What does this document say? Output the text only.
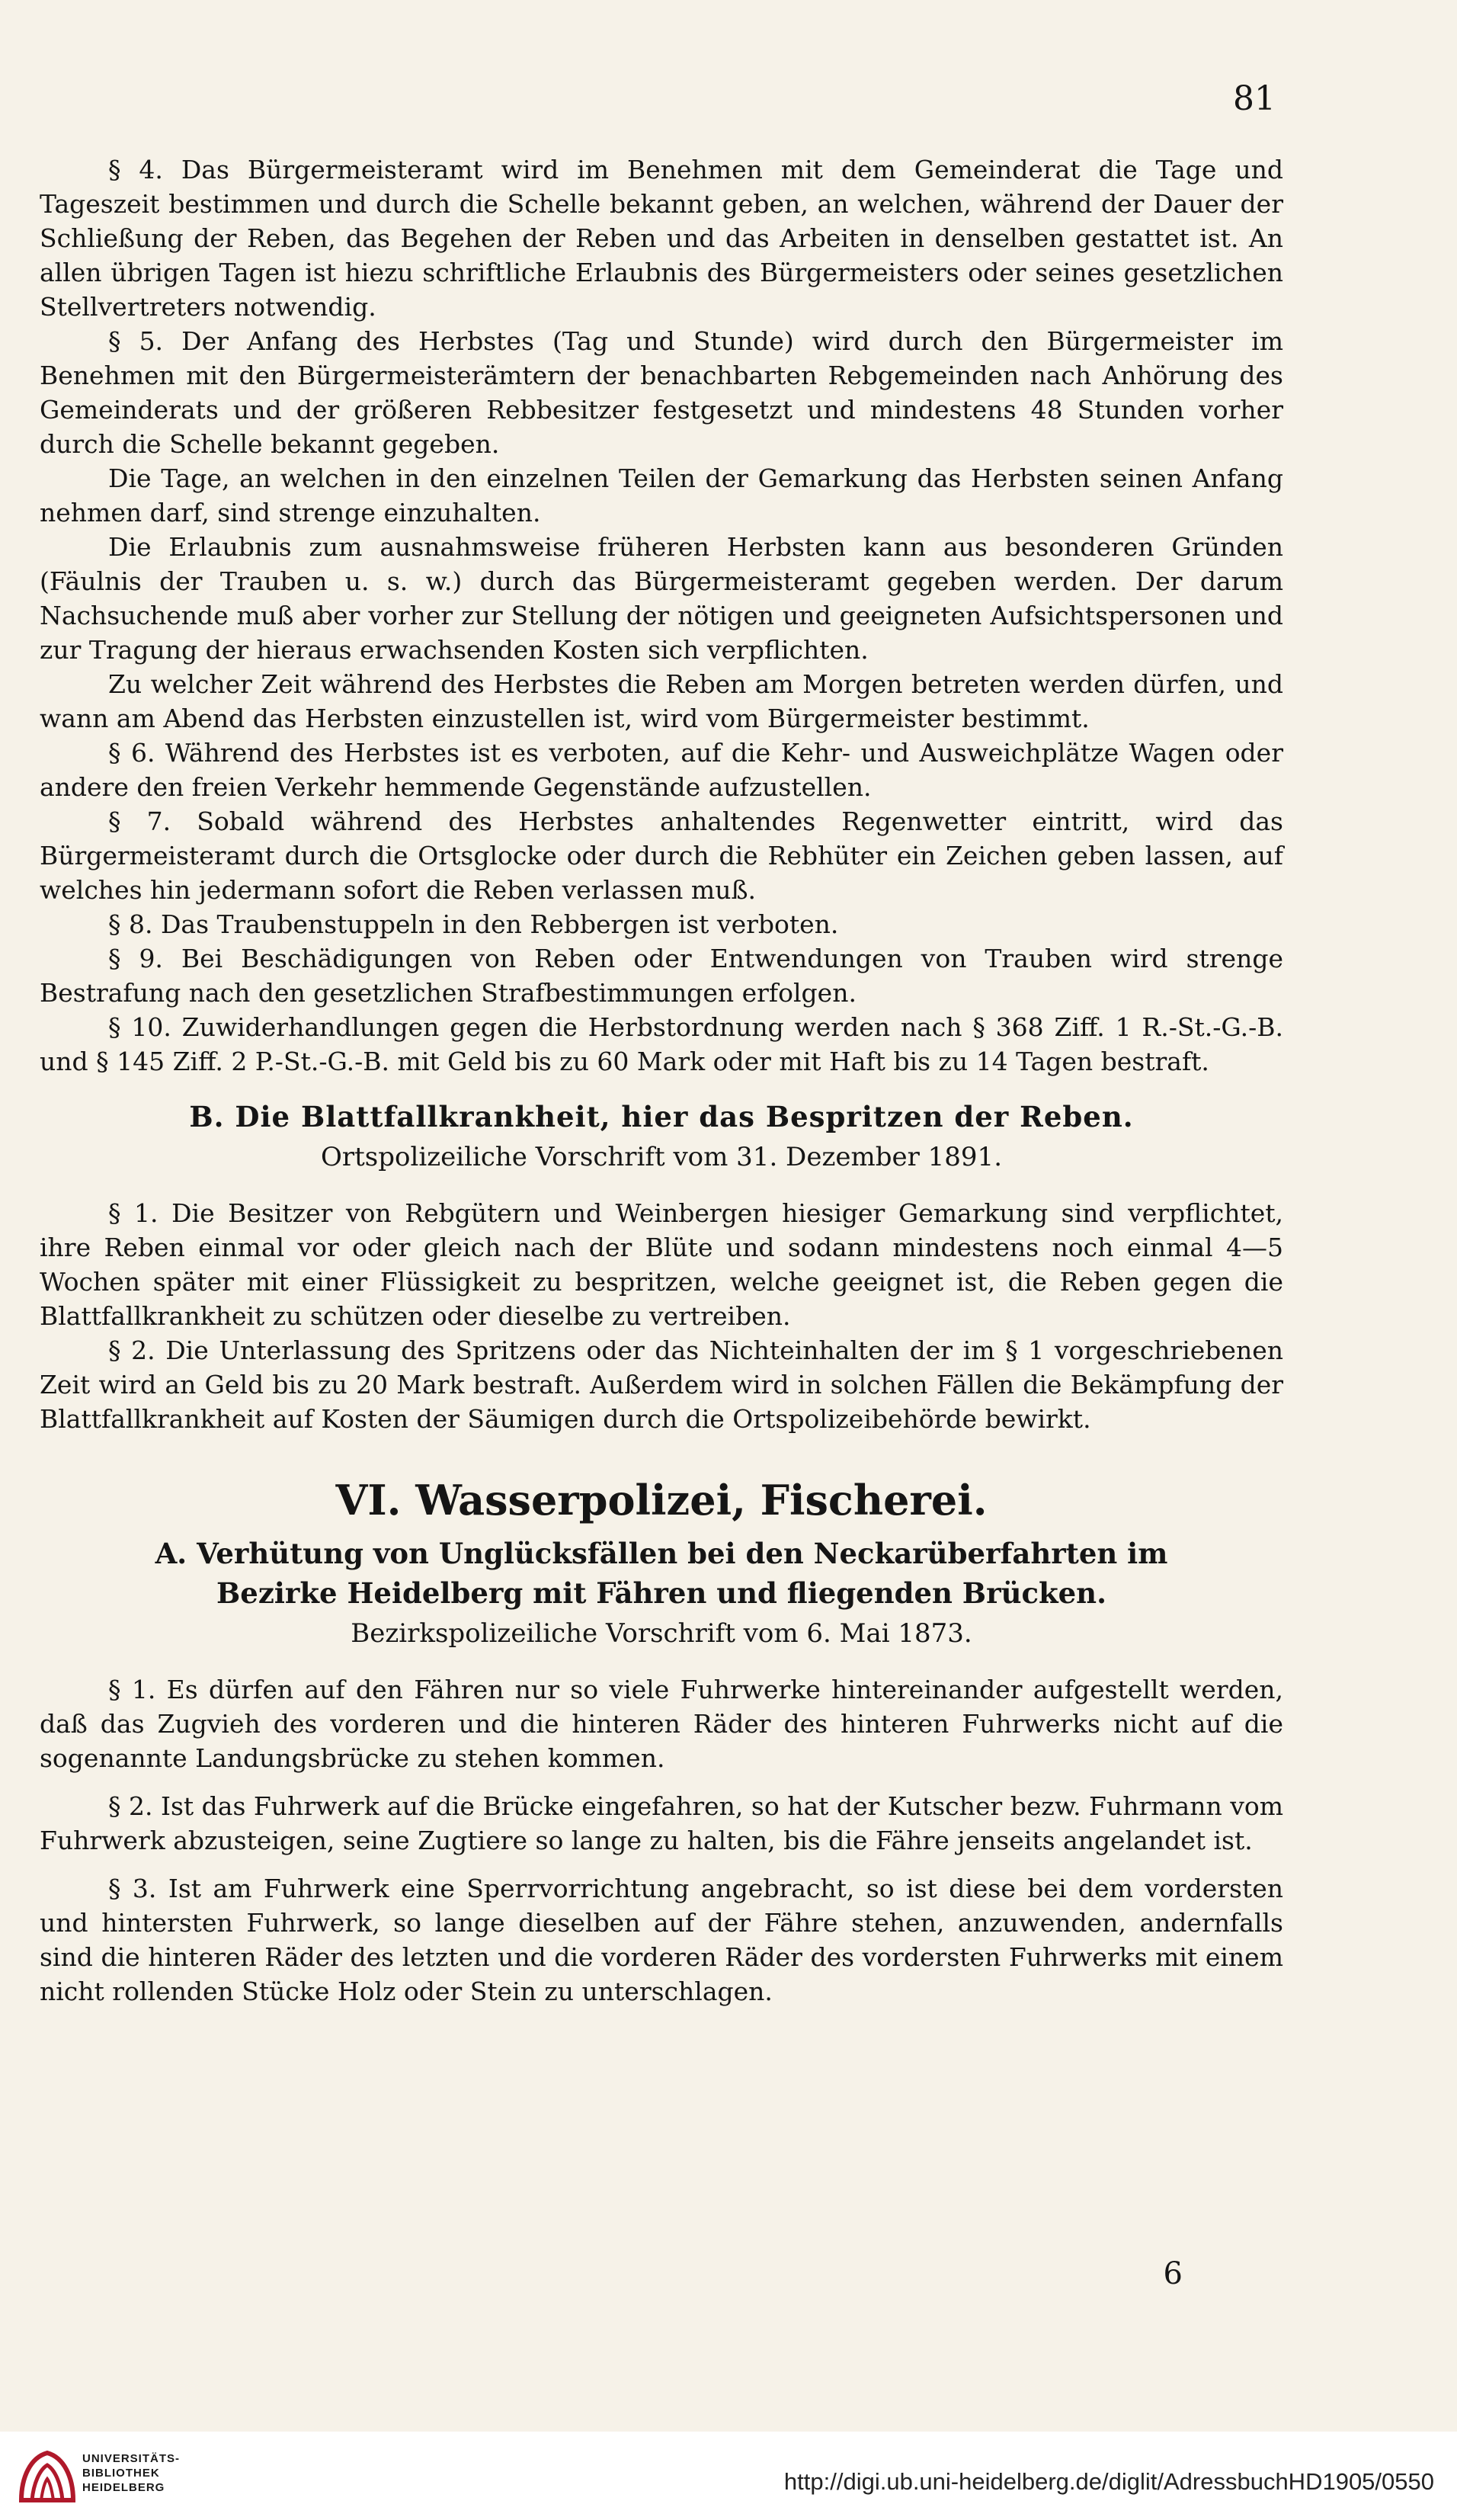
81

§ 4. Das Bürgermeisteramt wird im Benehmen mit dem Gemeinderat die Tage und Tageszeit bestimmen und durch die Schelle bekannt geben, an welchen, während der Dauer der Schließung der Reben, das Begehen der Reben und das Arbeiten in denselben gestattet ist. An allen übrigen Tagen ist hiezu schriftliche Erlaubnis des Bürgermeisters oder seines gesetzlichen Stellvertreters notwendig.

§ 5. Der Anfang des Herbstes (Tag und Stunde) wird durch den Bürgermeister im Benehmen mit den Bürgermeisterämtern der benachbarten Rebgemeinden nach Anhörung des Gemeinderats und der größeren Rebbesitzer festgesetzt und mindestens 48 Stunden vorher durch die Schelle bekannt gegeben.

Die Tage, an welchen in den einzelnen Teilen der Gemarkung das Herbsten seinen Anfang nehmen darf, sind strenge einzuhalten.

Die Erlaubnis zum ausnahmsweise früheren Herbsten kann aus besonderen Gründen (Fäulnis der Trauben u. s. w.) durch das Bürgermeisteramt gegeben werden. Der darum Nachsuchende muß aber vorher zur Stellung der nötigen und geeigneten Aufsichtspersonen und zur Tragung der hieraus erwachsenden Kosten sich verpflichten.

Zu welcher Zeit während des Herbstes die Reben am Morgen betreten werden dürfen, und wann am Abend das Herbsten einzustellen ist, wird vom Bürgermeister bestimmt.

§ 6. Während des Herbstes ist es verboten, auf die Kehr- und Ausweichplätze Wagen oder andere den freien Verkehr hemmende Gegenstände aufzustellen.

§ 7. Sobald während des Herbstes anhaltendes Regenwetter eintritt, wird das Bürgermeisteramt durch die Ortsglocke oder durch die Rebhüter ein Zeichen geben lassen, auf welches hin jedermann sofort die Reben verlassen muß.

§ 8. Das Traubenstuppeln in den Rebbergen ist verboten.

§ 9. Bei Beschädigungen von Reben oder Entwendungen von Trauben wird strenge Bestrafung nach den gesetzlichen Strafbestimmungen erfolgen.

§ 10. Zuwiderhandlungen gegen die Herbstordnung werden nach § 368 Ziff. 1 R.-St.-G.-B. und § 145 Ziff. 2 P.-St.-G.-B. mit Geld bis zu 60 Mark oder mit Haft bis zu 14 Tagen bestraft.

B. Die Blattfallkrankheit, hier das Bespritzen der Reben.
Ortspolizeiliche Vorschrift vom 31. Dezember 1891.

§ 1. Die Besitzer von Rebgütern und Weinbergen hiesiger Gemarkung sind verpflichtet, ihre Reben einmal vor oder gleich nach der Blüte und sodann mindestens noch einmal 4—5 Wochen später mit einer Flüssigkeit zu bespritzen, welche geeignet ist, die Reben gegen die Blattfallkrankheit zu schützen oder dieselbe zu vertreiben.

§ 2. Die Unterlassung des Spritzens oder das Nichteinhalten der im § 1 vorgeschriebenen Zeit wird an Geld bis zu 20 Mark bestraft. Außerdem wird in solchen Fällen die Bekämpfung der Blattfallkrankheit auf Kosten der Säumigen durch die Ortspolizeibehörde bewirkt.

VI. Wasserpolizei, Fischerei.
A. Verhütung von Unglücksfällen bei den Neckarüberfahrten im
Bezirke Heidelberg mit Fähren und fliegenden Brücken.
Bezirkspolizeiliche Vorschrift vom 6. Mai 1873.

§ 1. Es dürfen auf den Fähren nur so viele Fuhrwerke hintereinander aufgestellt werden, daß das Zugvieh des vorderen und die hinteren Räder des hinteren Fuhrwerks nicht auf die sogenannte Landungsbrücke zu stehen kommen.

§ 2. Ist das Fuhrwerk auf die Brücke eingefahren, so hat der Kutscher bezw. Fuhrmann vom Fuhrwerk abzusteigen, seine Zugtiere so lange zu halten, bis die Fähre jenseits angelandet ist.

§ 3. Ist am Fuhrwerk eine Sperrvorrichtung angebracht, so ist diese bei dem vordersten und hintersten Fuhrwerk, so lange dieselben auf der Fähre stehen, anzuwenden, andernfalls sind die hinteren Räder des letzten und die vorderen Räder des vordersten Fuhrwerks mit einem nicht rollenden Stücke Holz oder Stein zu unterschlagen.

6
UNIVERSITÄTS-
BIBLIOTHEK
HEIDELBERG	http://digi.ub.uni-heidelberg.de/diglit/AdressbuchHD1905/0550
